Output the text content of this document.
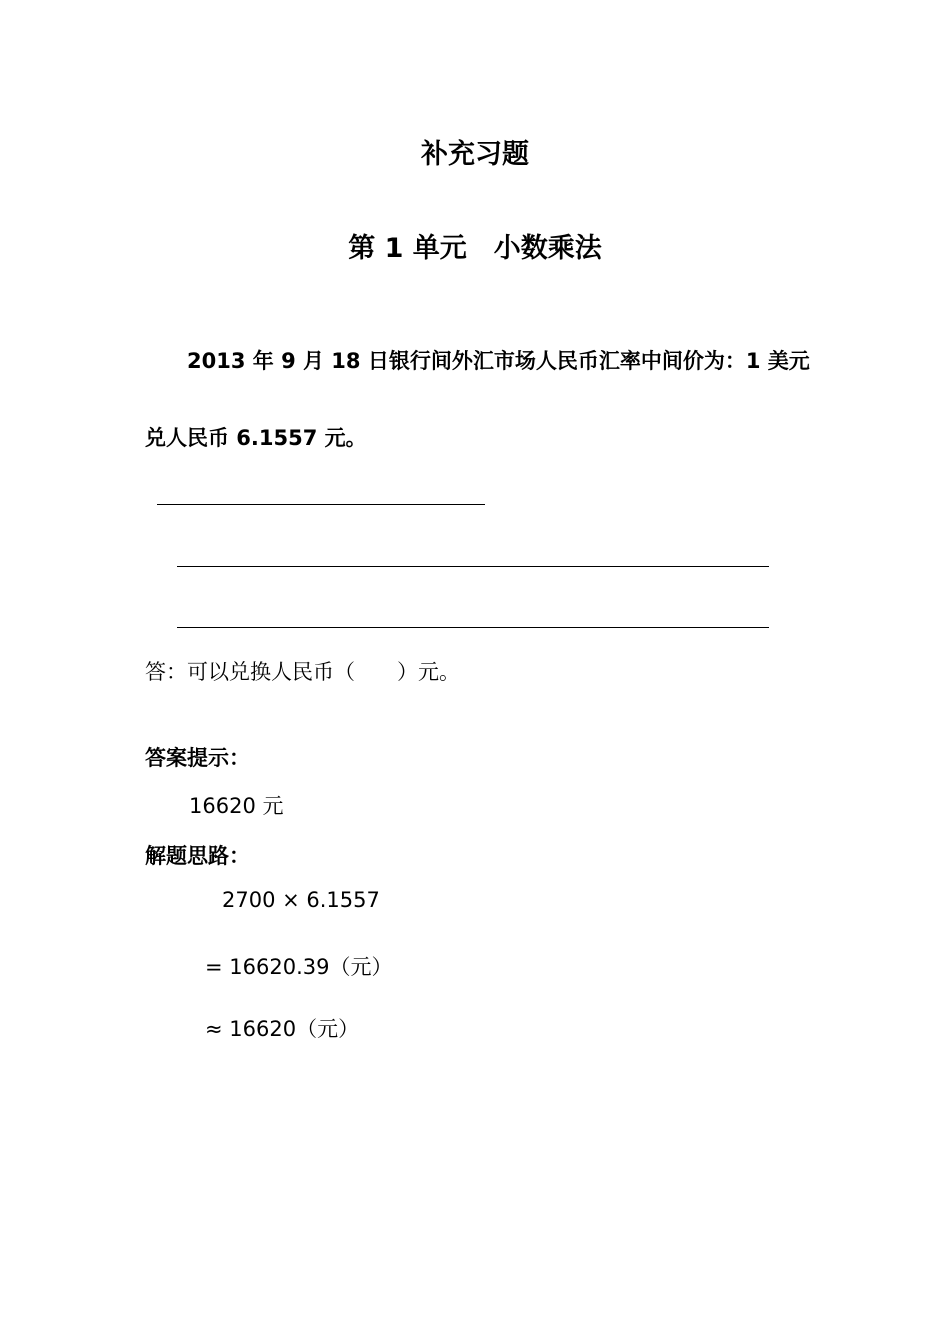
补充习题
第 1 单元　小数乘法
2013 年 9 月 18 日银行间外汇市场人民币汇率中间价为：1 美元
兑人民币 6.1557 元。
答：可以兑换人民币（　　）元。
答案提示：
16620 元
解题思路：
2700 × 6.1557
= 16620.39（元）
≈ 16620（元）
